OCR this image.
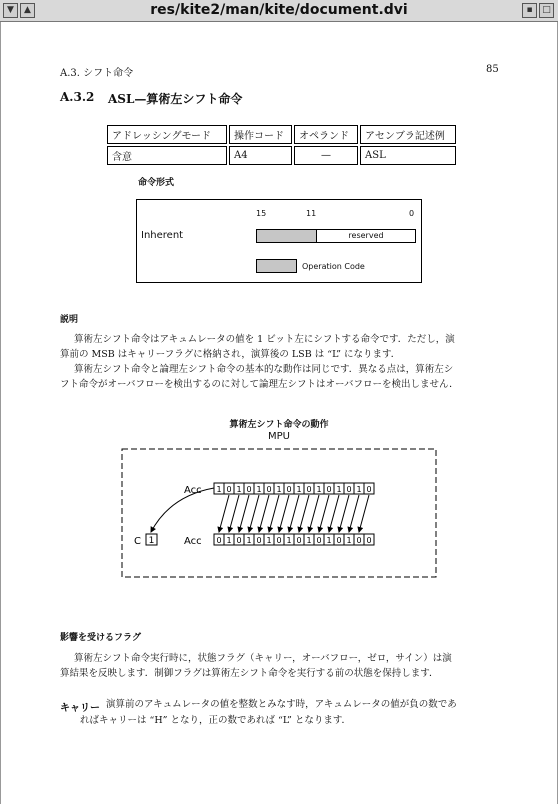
▼	▲	res/kite2/man/kite/document.dvi	▪	□
A.3. シフト命令	85
A.3.2 ASL—算術左シフト命令
アドレッシングモード	操作コード	オペランド	アセンブラ記述例
含意	A4	—	ASL
命令形式
Inherent
15	11	0
reserved
Operation Code
説明
算術左シフト命令はアキュムレータの値を 1 ビット左にシフトする命令です．ただし，演
算前の MSB はキャリーフラグに格納され，演算後の LSB は “L” になります．
算術左シフト命令と論理左シフト命令の基本的な動作は同じです．異なる点は，算術左シ
フト命令がオーバフローを検出するのに対して論理左シフトはオーバフローを検出しません．
算術左シフト命令の動作
MPU
Acc
Acc
C 1
1 0 1 0 1 0 1 0 1 0 1 0 1 0 1 0
0 1 0 1 0 1 0 1 0 1 0 1 0 1 0 0
影響を受けるフラグ
算術左シフト命令実行時に，状態フラグ（キャリー，オーバフロー，ゼロ，サイン）は演
算結果を反映します．制御フラグは算術左シフト命令を実行する前の状態を保持します．
キャリー 演算前のアキュムレータの値を整数とみなす時，アキュムレータの値が負の数であ
ればキャリーは “H” となり，正の数であれば “L” となります．
